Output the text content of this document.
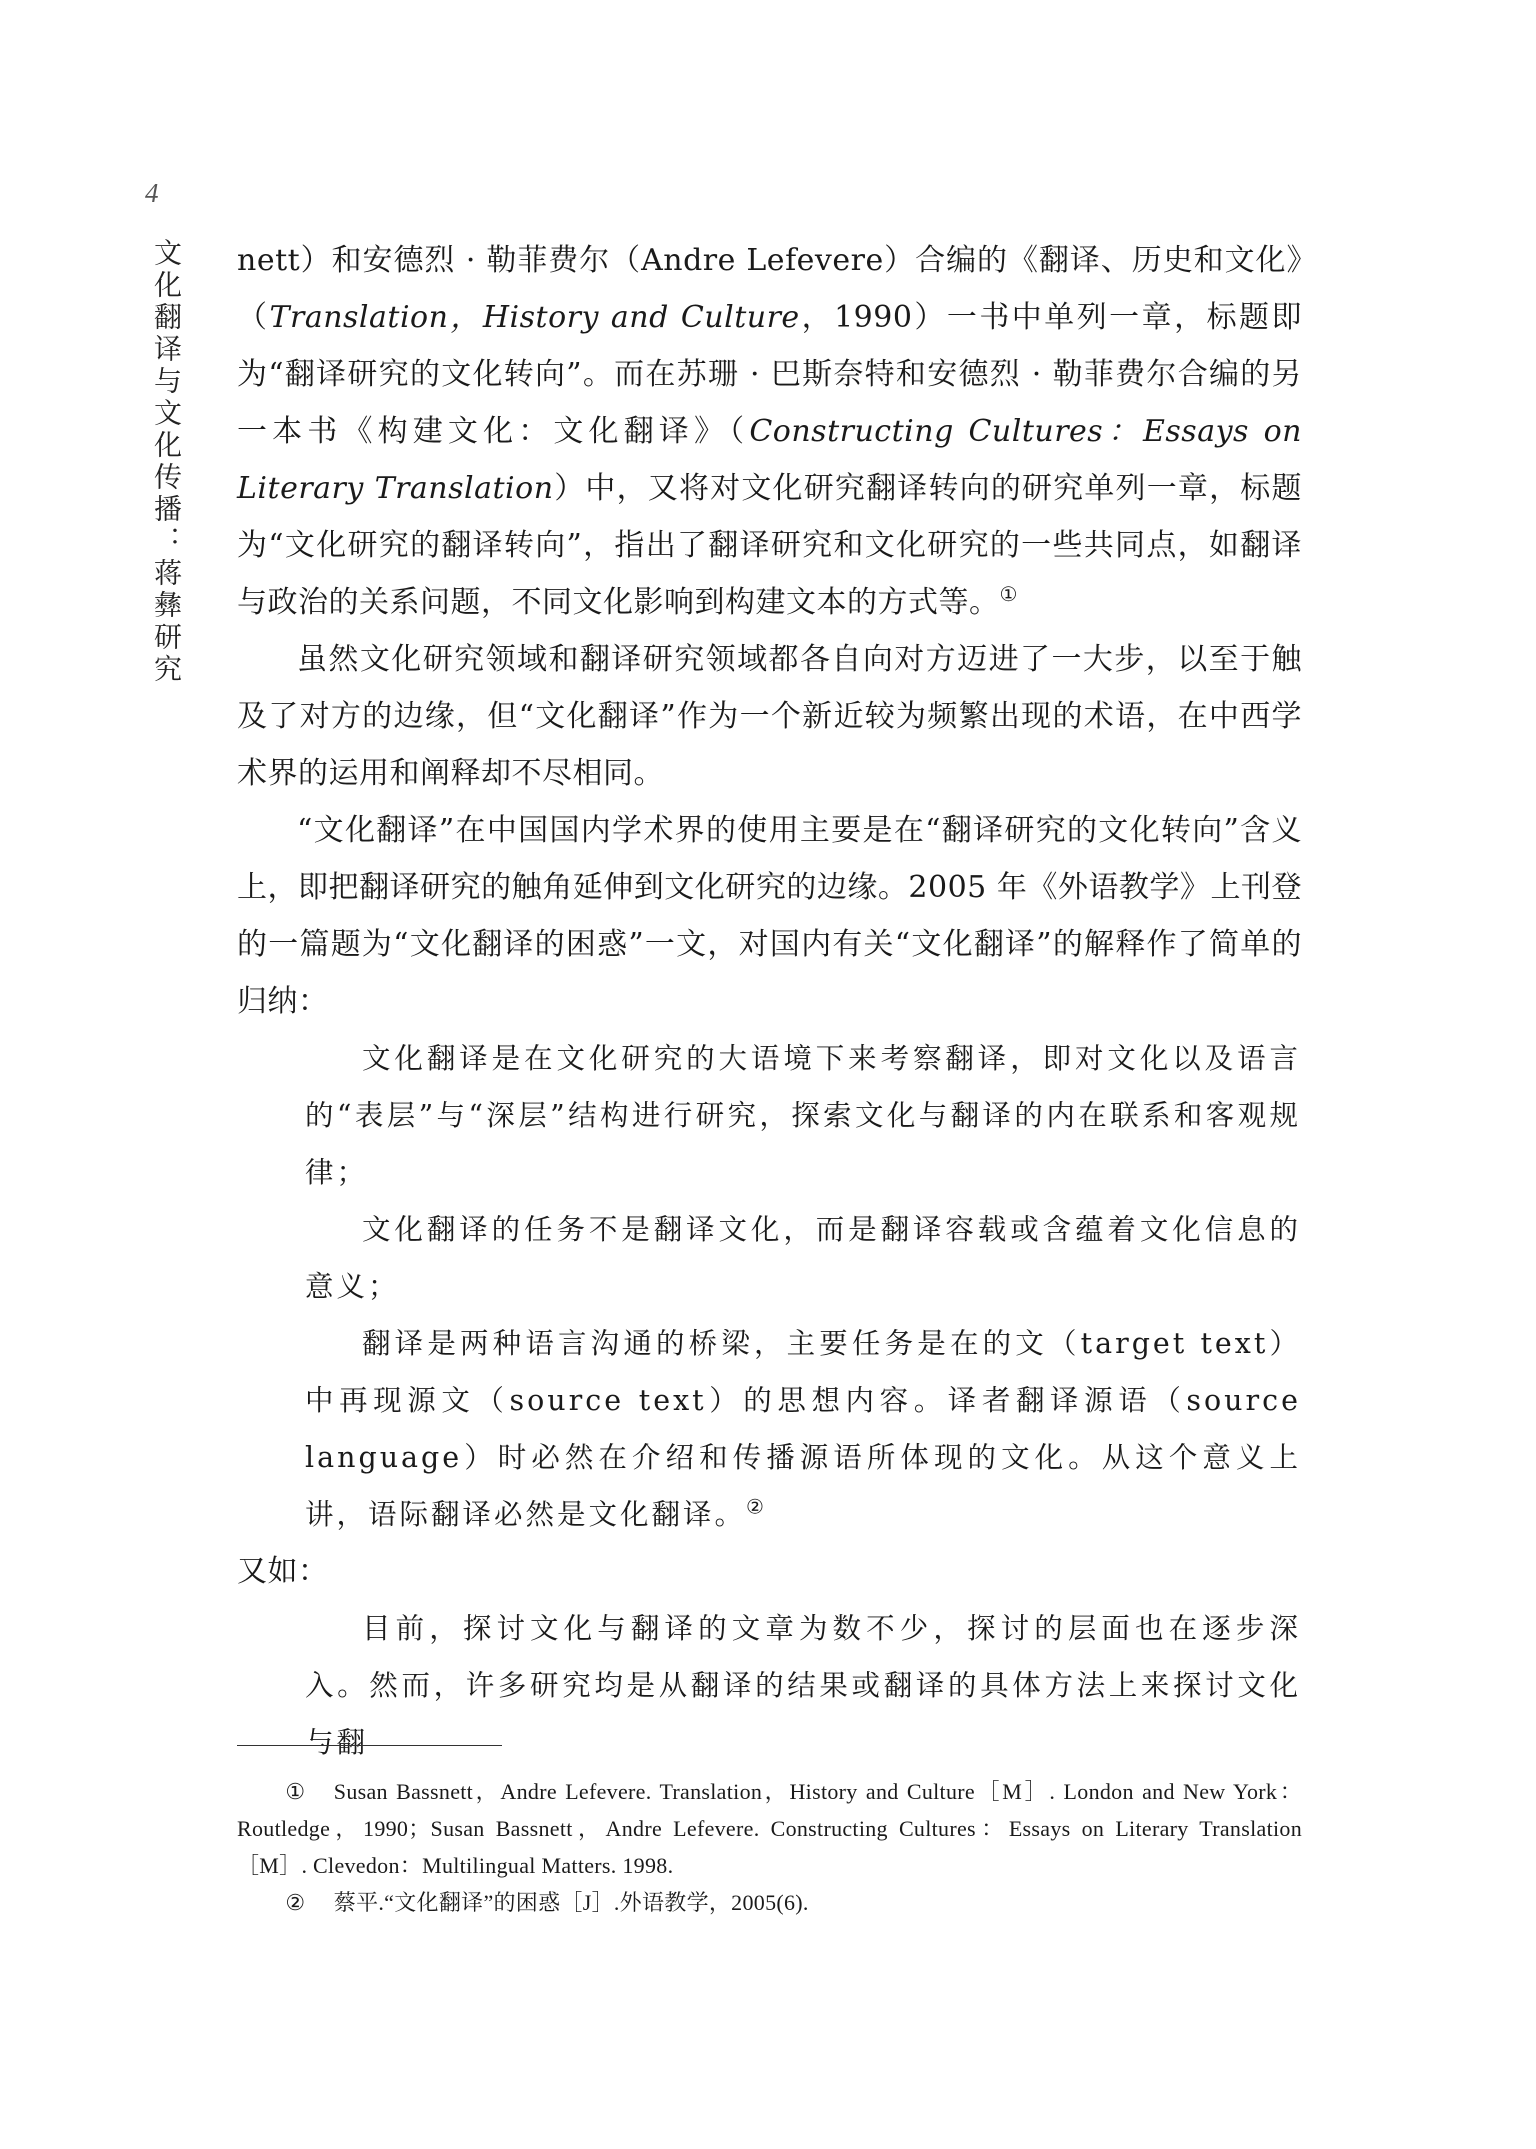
4
文化翻译与文化传播：蒋彝研究 nett）和安德烈 · 勒菲费尔（Andre Lefevere）合编的《翻译、历史和文化》（Translation，History and Culture，1990）一书中单列一章，标题即为“翻译研究的文化转向”。而在苏珊 · 巴斯奈特和安德烈 · 勒菲费尔合编的另一本书《构建文化：文化翻译》（Constructing Cultures：Essays on Literary Translation）中，又将对文化研究翻译转向的研究单列一章，标题为“文化研究的翻译转向”，指出了翻译研究和文化研究的一些共同点，如翻译与政治的关系问题，不同文化影响到构建文本的方式等。①

虽然文化研究领域和翻译研究领域都各自向对方迈进了一大步，以至于触及了对方的边缘，但“文化翻译”作为一个新近较为频繁出现的术语，在中西学术界的运用和阐释却不尽相同。

“文化翻译”在中国国内学术界的使用主要是在“翻译研究的文化转向”含义上，即把翻译研究的触角延伸到文化研究的边缘。2005 年《外语教学》上刊登的一篇题为“文化翻译的困惑”一文，对国内有关“文化翻译”的解释作了简单的归纳：

文化翻译是在文化研究的大语境下来考察翻译，即对文化以及语言的“表层”与“深层”结构进行研究，探索文化与翻译的内在联系和客观规律；

文化翻译的任务不是翻译文化，而是翻译容载或含蕴着文化信息的意义；

翻译是两种语言沟通的桥梁，主要任务是在的文（target text）中再现源文（source text）的思想内容。译者翻译源语（source language）时必然在介绍和传播源语所体现的文化。从这个意义上讲，语际翻译必然是文化翻译。②

又如：

目前，探讨文化与翻译的文章为数不少，探讨的层面也在逐步深入。然而，许多研究均是从翻译的结果或翻译的具体方法上来探讨文化与翻

① Susan Bassnett，Andre Lefevere. Translation，History and Culture［M］. London and New York：Routledge，1990；Susan Bassnett，Andre Lefevere. Constructing Cultures：Essays on Literary Translation［M］. Clevedon：Multilingual Matters. 1998.

② 蔡平.“文化翻译”的困惑［J］.外语教学，2005(6).
